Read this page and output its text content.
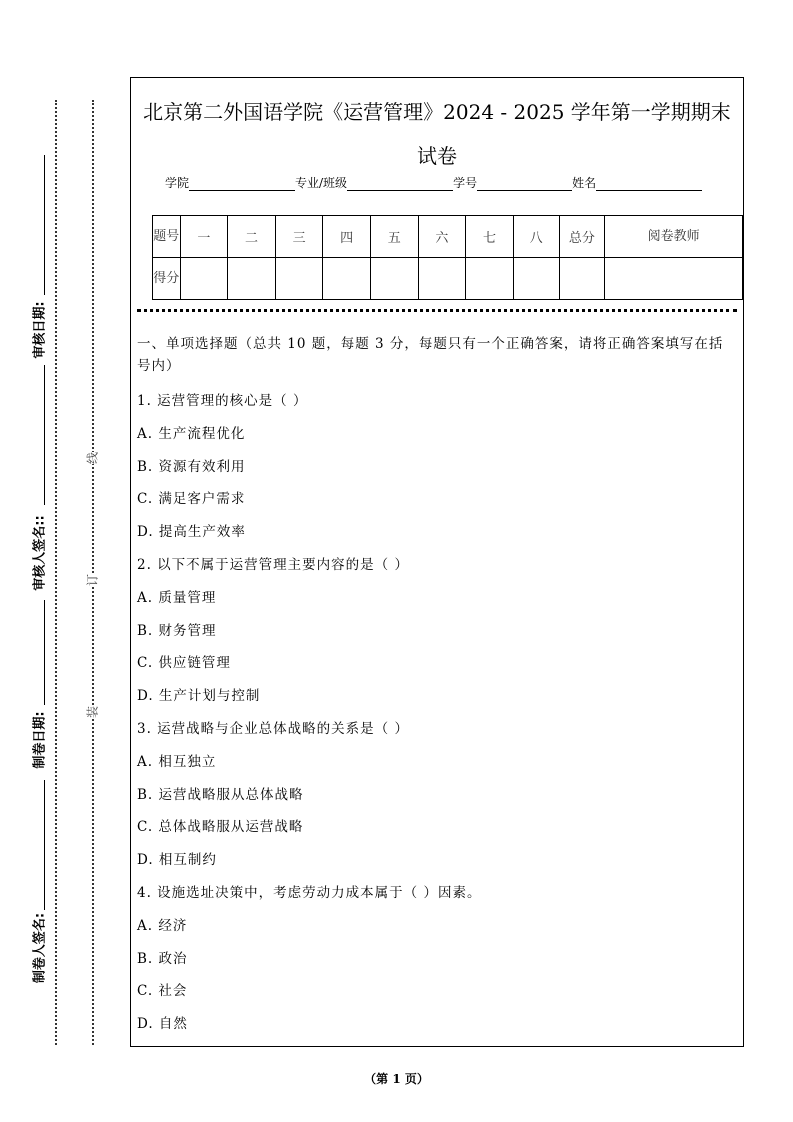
审核日期:
审核人签名::
制卷日期:
制卷人签名:
线
订
装
北京第二外国语学院《运营管理》2024 - 2025 学年第一学期期末试卷
学院	专业/班级	学号	姓名
题号	一	二	三	四	五	六	七	八	总分	阅卷教师
得分										
一、单项选择题（总共 10 题，每题 3 分，每题只有一个正确答案，请将正确答案填写在括号内）
1. 运营管理的核心是（ ）
A. 生产流程优化
B. 资源有效利用
C. 满足客户需求
D. 提高生产效率
2. 以下不属于运营管理主要内容的是（ ）
A. 质量管理
B. 财务管理
C. 供应链管理
D. 生产计划与控制
3. 运营战略与企业总体战略的关系是（ ）
A. 相互独立
B. 运营战略服从总体战略
C. 总体战略服从运营战略
D. 相互制约
4. 设施选址决策中，考虑劳动力成本属于（ ）因素。
A. 经济
B. 政治
C. 社会
D. 自然
（第 1 页）
